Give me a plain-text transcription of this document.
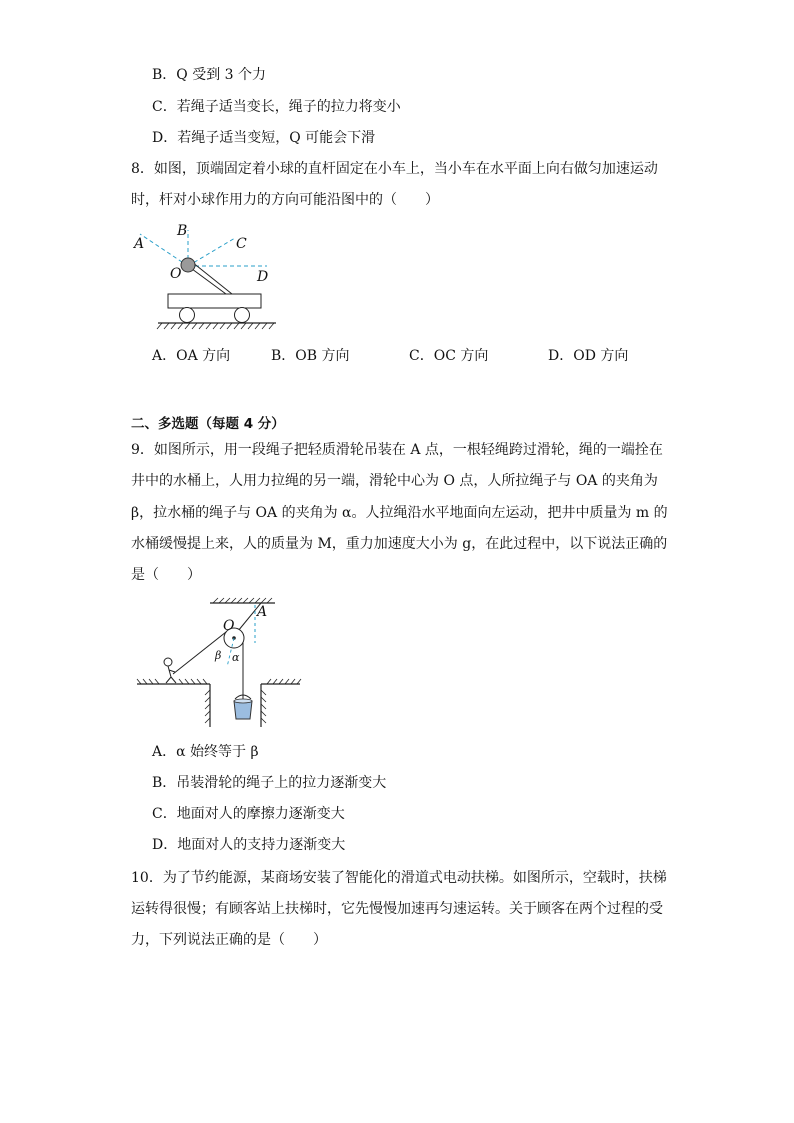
B．Q 受到 3 个力
C．若绳子适当变长，绳子的拉力将变小
D．若绳子适当变短，Q 可能会下滑
8．如图，顶端固定着小球的直杆固定在小车上，当小车在水平面上向右做匀加速运动
时，杆对小球作用力的方向可能沿图中的（　　）
A
B
C
D
O
A．OA 方向	B．OB 方向	C．OC 方向	D．OD 方向
二、多选题（每题 4 分）
9．如图所示，用一段绳子把轻质滑轮吊装在 A 点，一根轻绳跨过滑轮，绳的一端拴在
井中的水桶上，人用力拉绳的另一端，滑轮中心为 O 点，人所拉绳子与 OA 的夹角为
β，拉水桶的绳子与 OA 的夹角为 α。人拉绳沿水平地面向左运动，把井中质量为 m 的
水桶缓慢提上来，人的质量为 M，重力加速度大小为 g，在此过程中，以下说法正确的
是（　　）
A
O
β α
A．α 始终等于 β
B．吊装滑轮的绳子上的拉力逐渐变大
C．地面对人的摩擦力逐渐变大
D．地面对人的支持力逐渐变大
10．为了节约能源，某商场安装了智能化的滑道式电动扶梯。如图所示，空载时，扶梯
运转得很慢；有顾客站上扶梯时，它先慢慢加速再匀速运转。关于顾客在两个过程的受
力，下列说法正确的是（　　）
